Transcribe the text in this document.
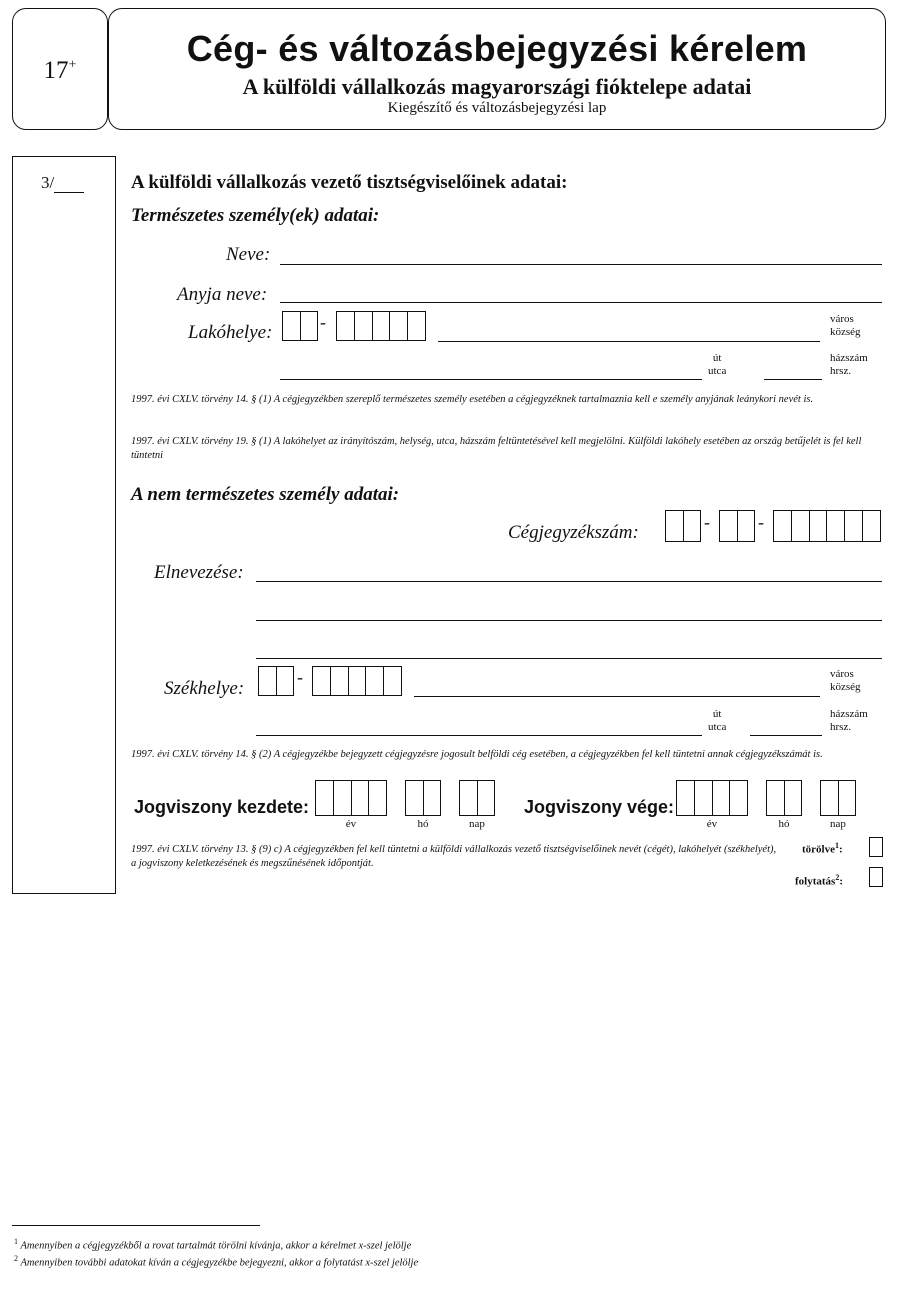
17+	Cég- és változásbejegyzési kérelem
A külföldi vállalkozás magyarországi fióktelepe adatai
Kiegészítő és változásbejegyzési lap
3/	A külföldi vállalkozás vezető tisztségviselőinek adatai:
Természetes személy(ek) adatai:
Neve:
Anyja neve:
Lakóhelye:	-	város
község
út
utca
házszám
hrsz.
1997. évi CXLV. törvény 14. § (1) A cégjegyzékben szereplő természetes személy esetében a cégjegyzéknek tartalmaznia kell e személy anyjának leánykori nevét is.
1997. évi CXLV. törvény 19. § (1) A lakóhelyet az irányítószám, helység, utca, házszám feltüntetésével kell megjelölni. Külföldi lakóhely esetében az ország betűjelét is fel kell tüntetni
A nem természetes személy adatai:
Cégjegyzékszám:	-	-
Elnevezése:
Székhelye:
-	város
község
út
utca
házszám
hrsz.
1997. évi CXLV. törvény 14. § (2) A cégjegyzékbe bejegyzett cégjegyzésre jogosult belföldi cég esetében, a cégjegyzékben fel kell tüntetni annak cégjegyzékszámát is.
Jogviszony kezdete:
év	hó	nap
Jogviszony vége:
év	hó	nap
1997. évi CXLV. törvény 13. § (9) c) A cégjegyzékben fel kell tüntetni a külföldi vállalkozás vezető tisztségviselőinek nevét (cégét), lakóhelyét (székhelyét), a jogviszony keletkezésének és megszűnésének időpontját.
törölve$^1$:
folytatás$^2$:
$^1$ Amennyiben a cégjegyzékből a rovat tartalmát törölni kívánja, akkor a kérelmet x-szel jelölje
$^2$ Amennyiben további adatokat kíván a cégjegyzékbe bejegyezni, akkor a folytatást x-szel jelölje
